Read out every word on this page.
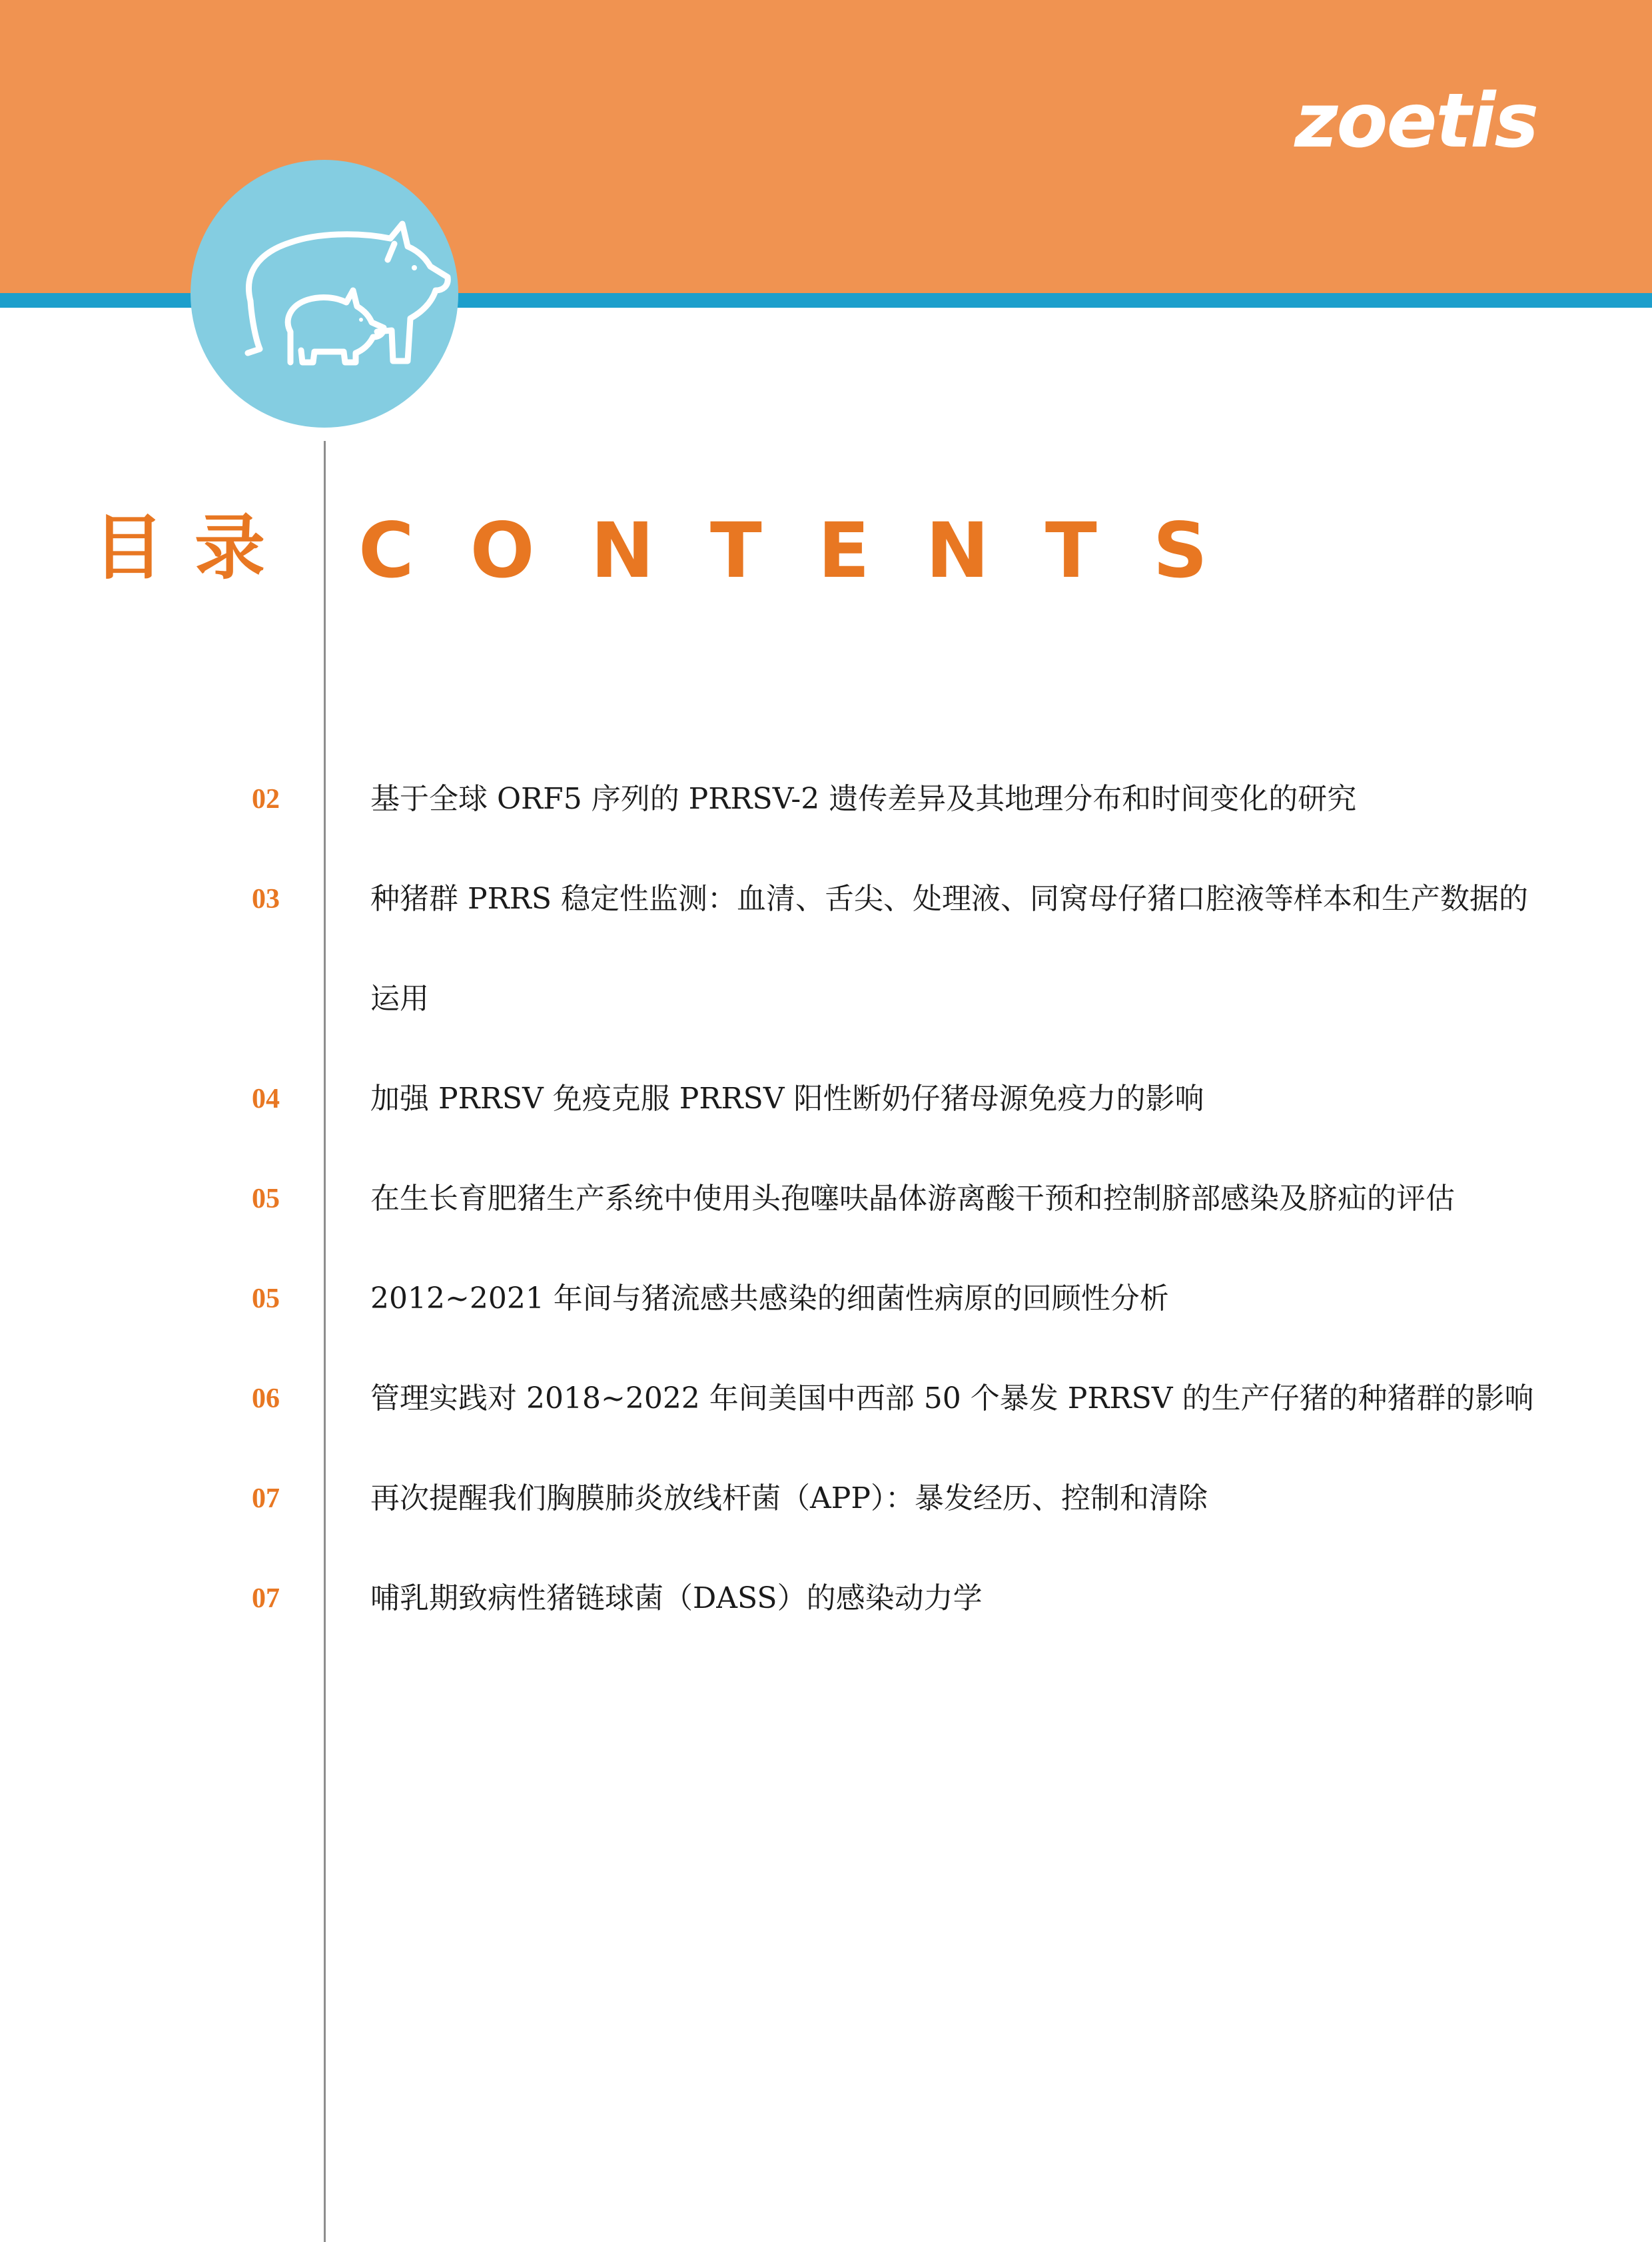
zoetis
目录 CONTENTS
02	基于全球 ORF5 序列的 PRRSV-2 遗传差异及其地理分布和时间变化的研究
03	种猪群 PRRS 稳定性监测：血清、舌尖、处理液、同窝母仔猪口腔液等样本和生产数据的运用
04	加强 PRRSV 免疫克服 PRRSV 阳性断奶仔猪母源免疫力的影响
05	在生长育肥猪生产系统中使用头孢噻呋晶体游离酸干预和控制脐部感染及脐疝的评估
05	2012~2021 年间与猪流感共感染的细菌性病原的回顾性分析
06	管理实践对 2018~2022 年间美国中西部 50 个暴发 PRRSV 的生产仔猪的种猪群的影响
07	再次提醒我们胸膜肺炎放线杆菌（APP）：暴发经历、控制和清除
07	哺乳期致病性猪链球菌（DASS）的感染动力学
